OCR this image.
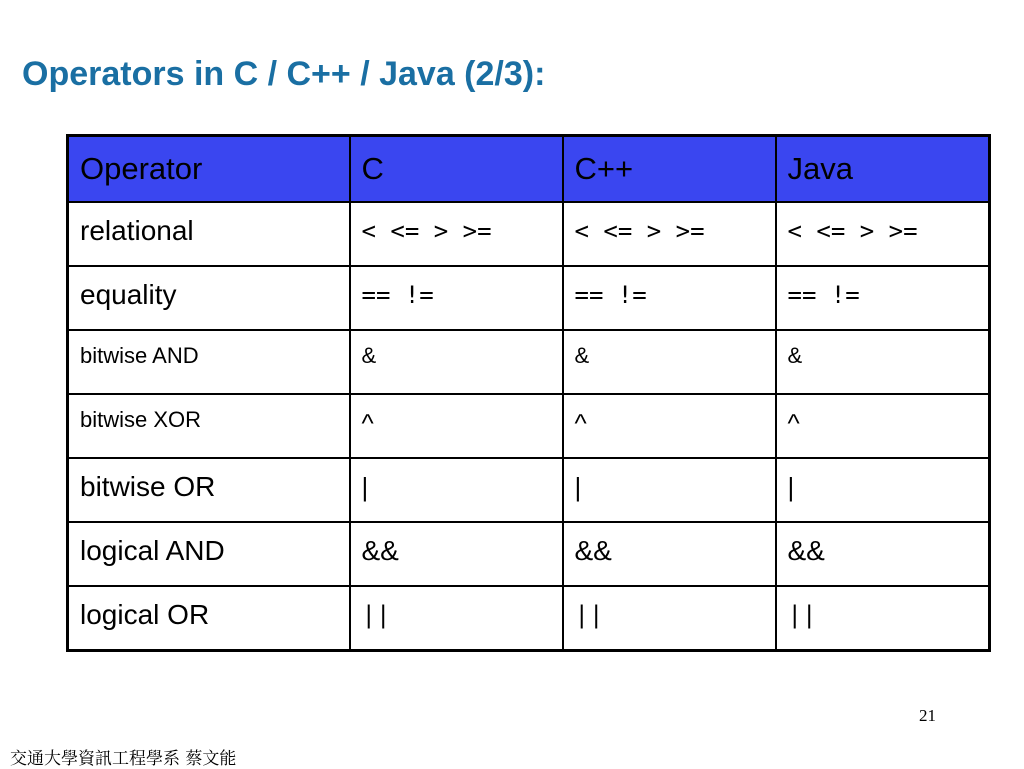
Operators in C / C++ / Java (2/3):
Operator	C	C++	Java
relational	< <= > >=	< <= > >=	< <= > >=
equality	== !=	== !=	== !=
bitwise AND	&	&	&
bitwise XOR	^	^	^
bitwise OR	|	|	|
logical AND	&&	&&	&&
logical OR	||	||	||
21
交通大學資訊工程學系 蔡文能
